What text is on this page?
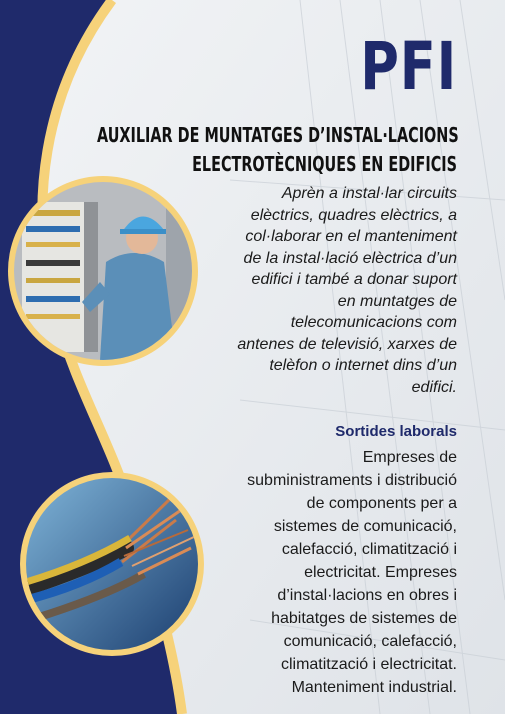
PFI
AUXILIAR DE MUNTATGES D’INSTAL·LACIONS
ELECTROTÈCNIQUES EN EDIFICIS

Aprèn a instal·lar circuits
elèctrics, quadres elèctrics, a
col·laborar en el manteniment
de la instal·lació elèctrica d’un
edifici i també a donar suport
en muntatges de
telecomunicacions com
antenes de televisió, xarxes de
telèfon o internet dins d’un
edifici.

Sortides laborals

Empreses de
subministraments i distribució
de components per a
sistemes de comunicació,
calefacció, climatització i
electricitat. Empreses
d’instal·lacions en obres i
habitatges de sistemes de
comunicació, calefacció,
climatització i electricitat.
Manteniment industrial.
